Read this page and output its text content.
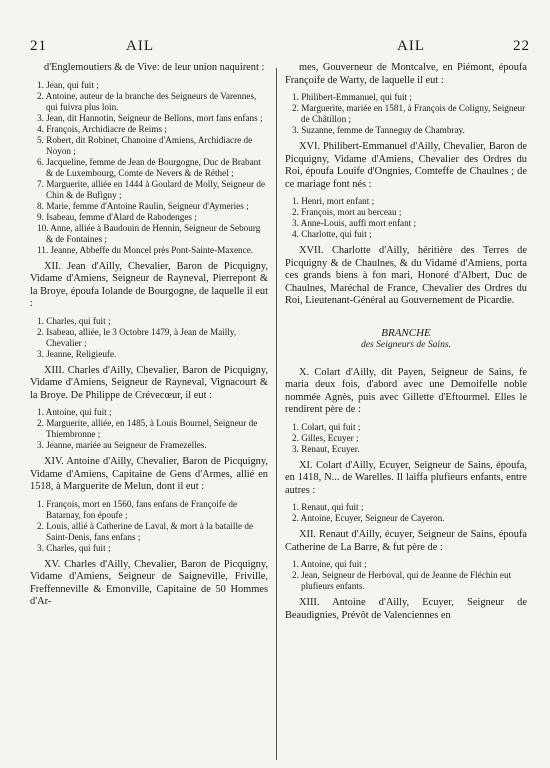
21	AIL	AIL	22

d'Englemoutiers & de Vive: de leur union naquirent :

1. Jean, qui fuit ;

2. Antoine, auteur de la branche des Seigneurs de Varennes, qui fuivra plus loin.

3. Jean, dit Hannotin, Seigneur de Bellons, mort fans enfans ;

4. François, Archidiacre de Reims ;

5. Robert, dit Robinet, Chanoine d'Amiens, Archidiacre de Noyon ;

6. Jacqueline, femme de Jean de Bourgogne, Duc de Brabant & de Luxembourg, Comte de Nevers & de Réthel ;

7. Marguerite, alliée en 1444 à Goulard de Molly, Seigneur de Chin & de Bufigny ;

8. Marie, femme d'Antoine Raulin, Seigneur d'Aymeries ;

9. Isabeau, femme d'Alard de Rabodenges ;

10. Anne, alliée à Baudouin de Hennin, Seigneur de Sebourg & de Fontaines ;

11. Jeanne, Abbeffe du Moncel près Pont-Sainte-Maxence.

XII. Jean d'Ailly, Chevalier, Baron de Picquigny, Vidame d'Amiens, Seigneur de Rayneval, Pierrepont & la Broye, époufa Iolande de Bourgogne, de laquelle il eut :

1. Charles, qui fuit ;

2. Isabeau, alliée, le 3 Octobre 1479, à Jean de Mailly, Chevalier ;

3. Jeanne, Religieufe.

XIII. Charles d'Ailly, Chevalier, Baron de Picquigny, Vidame d'Amiens, Seigneur de Rayneval, Vignacourt & la Broye. De Philippe de Crévecœur, il eut :

1. Antoine, qui fuit ;

2. Marguerite, alliée, en 1485, à Louis Bournel, Seigneur de Thiembronne ;

3. Jeanne, mariée au Seigneur de Framezelles.

XIV. Antoine d'Ailly, Chevalier, Baron de Picquigny, Vidame d'Amiens, Capitaine de Gens d'Armes, allié en 1518, à Marguerite de Melun, dont il eut :

1. François, mort en 1560, fans enfans de Françoife de Batarnay, fon époufe ;

2. Louis, allié à Catherine de Laval, & mort à la bataille de Saint-Denis, fans enfans ;

3. Charles, qui fuit ;

XV. Charles d'Ailly, Chevalier, Baron de Picquigny, Vidame d'Amiens, Seigneur de Saigneville, Friville, Freffenneville & Emonville, Capitaine de 50 Hommes d'Ar-

mes, Gouverneur de Montcalve, en Piémont, époufa Françoife de Warty, de laquelle il eut :

1. Philibert-Emmanuel, qui fuit ;

2. Marguerite, mariée en 1581, à François de Coligny, Seigneur de Châtillon ;

3. Suzanne, femme de Tanneguy de Chambray.

XVI. Philibert-Emmanuel d'Ailly, Chevalier, Baron de Picquigny, Vidame d'Amiens, Chevalier des Ordres du Roi, époufa Louife d'Ongnies, Comteffe de Chaulnes ; de ce mariage font nés :

1. Henri, mort enfant ;

2. François, mort au berceau ;

3. Anne-Louis, auffi mort enfant ;

4. Charlotte, qui fuit ;

XVII. Charlotte d'Ailly, héritière des Terres de Picquigny & de Chaulnes, & du Vidamé d'Amiens, porta ces grands biens à fon mari, Honoré d'Albert, Duc de Chaulnes, Maréchal de France, Chevalier des Ordres du Roi, Lieutenant-Général au Gouvernement de Picardie.

BRANCHE

des Seigneurs de Sains.

X. Colart d'Ailly, dit Payen, Seigneur de Sains, fe maria deux fois, d'abord avec une Demoifelle noble nommée Agnès, puis avec Gillette d'Eftourmel. Elles le rendirent père de :

1. Colart, qui fuit ;

2. Gilles, Ecuyer ;

3. Renaut, Ecuyer.

XI. Colart d'Ailly, Ecuyer, Seigneur de Sains, époufa, en 1418, N... de Warelles. Il laiffa plufieurs enfants, entre autres :

1. Renaut, qui fuit ;

2. Antoine, Ecuyer, Seigneur de Cayeron.

XII. Renaut d'Ailly, écuyer, Seigneur de Sains, époufa Catherine de La Barre, & fut père de :

1. Antoine, qui fuit ;

2. Jean, Seigneur de Herboval, qui de Jeanne de Fléchin eut plufieurs enfants.

XIII. Antoine d'Ailly, Ecuyer, Seigneur de Beaudignies, Prévôt de Valenciennes en
